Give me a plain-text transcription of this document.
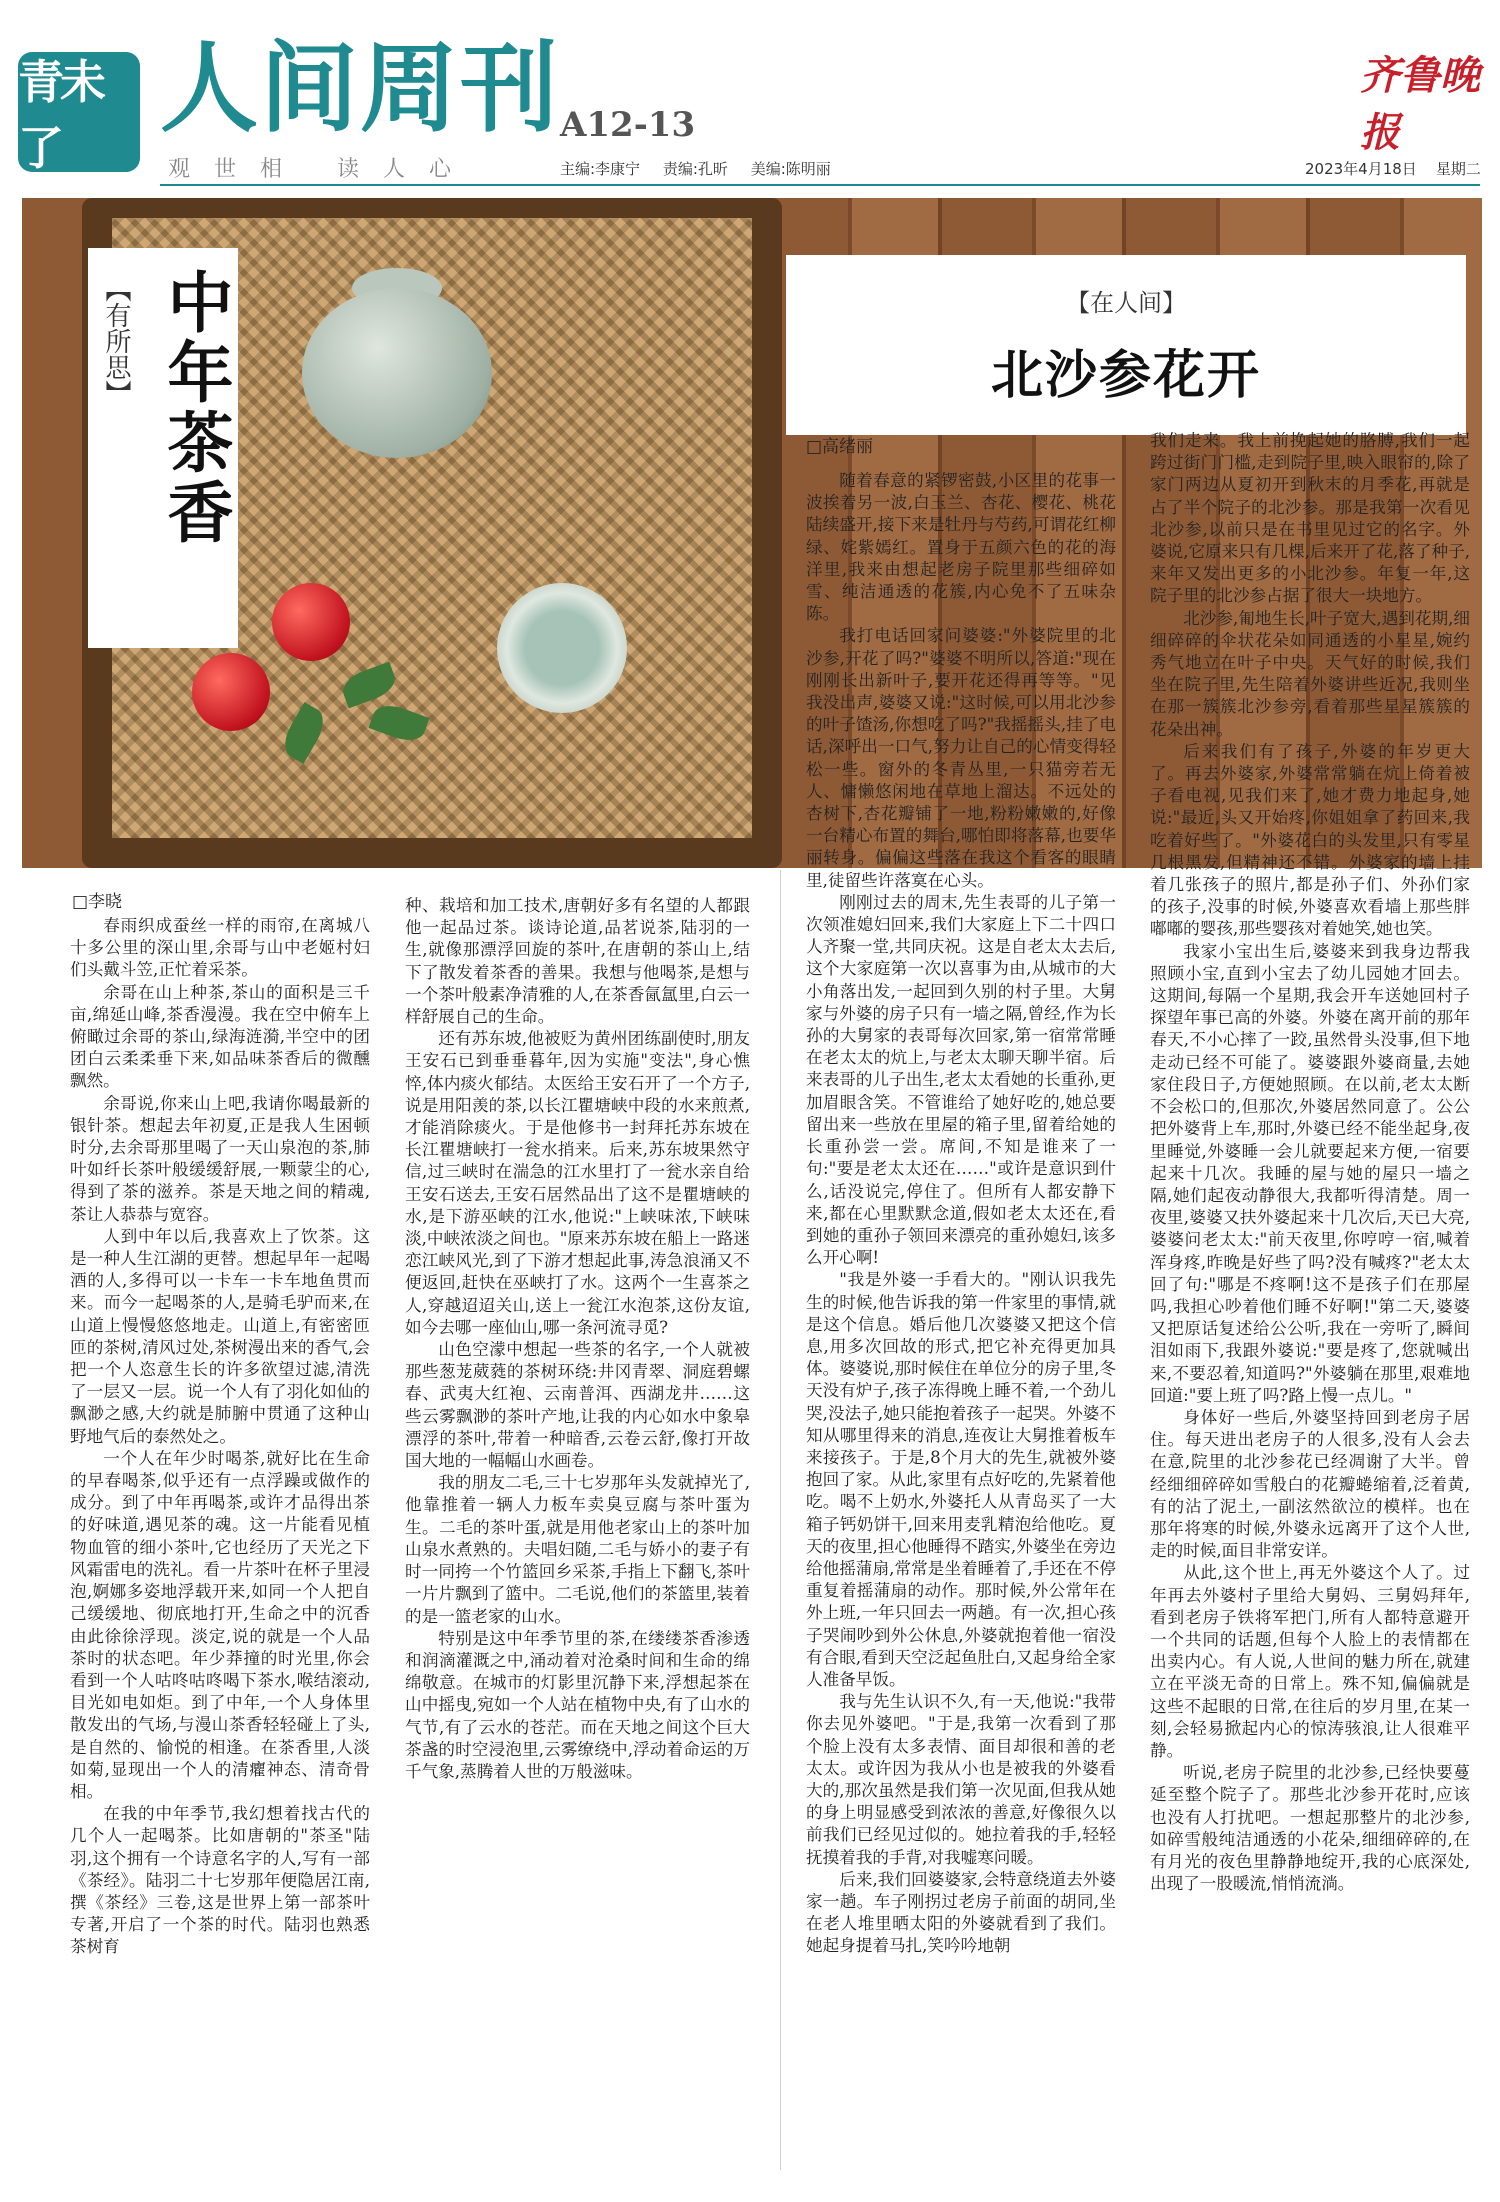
青未了
人间周刊 A12-13
齐鲁晚报
观世相 读人心	主编:李康宁 责编:孔昕 美编:陈明丽	2023年4月18日 星期二
【有所思】 中年茶香	【在人间】
北沙参花开
□李晓

春雨织成蚕丝一样的雨帘,在离城八十多公里的深山里,余哥与山中老姬村妇们头戴斗笠,正忙着采茶。

余哥在山上种茶,茶山的面积是三千亩,绵延山峰,茶香漫漫。我在空中俯车上俯瞰过余哥的茶山,绿海涟漪,半空中的团团白云柔柔垂下来,如品味茶香后的微醺飘然。

余哥说,你来山上吧,我请你喝最新的银针茶。想起去年初夏,正是我人生困顿时分,去余哥那里喝了一天山泉泡的茶,肺叶如纤长茶叶般缓缓舒展,一颗蒙尘的心,得到了茶的滋养。茶是天地之间的精魂,茶让人恭恭与宽容。

人到中年以后,我喜欢上了饮茶。这是一种人生江湖的更替。想起早年一起喝酒的人,多得可以一卡车一卡车地鱼贯而来。而今一起喝茶的人,是骑毛驴而来,在山道上慢慢悠悠地走。山道上,有密密匝匝的茶树,清风过处,茶树漫出来的香气,会把一个人恣意生长的许多欲望过滤,清洗了一层又一层。说一个人有了羽化如仙的飘渺之感,大约就是肺腑中贯通了这种山野地气后的泰然处之。

一个人在年少时喝茶,就好比在生命的早春喝茶,似乎还有一点浮躁或做作的成分。到了中年再喝茶,或许才品得出茶的好味道,遇见茶的魂。这一片能看见植物血管的细小茶叶,它也经历了天光之下风霜雷电的洗礼。看一片茶叶在杯子里浸泡,婀娜多姿地浮载开来,如同一个人把自己缓缓地、彻底地打开,生命之中的沉香由此徐徐浮现。淡定,说的就是一个人品茶时的状态吧。年少莽撞的时光里,你会看到一个人咕咚咕咚喝下茶水,喉结滚动,目光如电如炬。到了中年,一个人身体里散发出的气场,与漫山茶香轻轻碰上了头,是自然的、愉悦的相逢。在茶香里,人淡如菊,显现出一个人的清癯神态、清奇骨相。

在我的中年季节,我幻想着找古代的几个人一起喝茶。比如唐朝的"茶圣"陆羽,这个拥有一个诗意名字的人,写有一部《茶经》。陆羽二十七岁那年便隐居江南,撰《茶经》三卷,这是世界上第一部茶叶专著,开启了一个茶的时代。陆羽也熟悉茶树育

种、栽培和加工技术,唐朝好多有名望的人都跟他一起品过茶。谈诗论道,品茗说茶,陆羽的一生,就像那漂浮回旋的茶叶,在唐朝的茶山上,结下了散发着茶香的善果。我想与他喝茶,是想与一个茶叶般素净清雅的人,在茶香氤氲里,白云一样舒展自己的生命。

还有苏东坡,他被贬为黄州团练副使时,朋友王安石已到垂垂暮年,因为实施"变法",身心憔悴,体内痰火郁结。太医给王安石开了一个方子,说是用阳羡的茶,以长江瞿塘峡中段的水来煎煮,才能消除痰火。于是他修书一封拜托苏东坡在长江瞿塘峡打一瓮水捎来。后来,苏东坡果然守信,过三峡时在湍急的江水里打了一瓮水亲自给王安石送去,王安石居然品出了这不是瞿塘峡的水,是下游巫峡的江水,他说:"上峡味浓,下峡味淡,中峡浓淡之间也。"原来苏东坡在船上一路迷恋江峡风光,到了下游才想起此事,涛急浪涌又不便返回,赶快在巫峡打了水。这两个一生喜茶之人,穿越迢迢关山,送上一瓮江水泡茶,这份友谊,如今去哪一座仙山,哪一条河流寻觅?

山色空濛中想起一些茶的名字,一个人就被那些葱茏葳蕤的茶树环绕:井冈青翠、洞庭碧螺春、武夷大红袍、云南普洱、西湖龙井……这些云雾飘渺的茶叶产地,让我的内心如水中象皋漂浮的茶叶,带着一种暗香,云卷云舒,像打开故国大地的一幅幅山水画卷。

我的朋友二毛,三十七岁那年头发就掉光了,他靠推着一辆人力板车卖臭豆腐与茶叶蛋为生。二毛的茶叶蛋,就是用他老家山上的茶叶加山泉水煮熟的。夫唱妇随,二毛与娇小的妻子有时一同挎一个竹篮回乡采茶,手指上下翻飞,茶叶一片片飘到了篮中。二毛说,他们的茶篮里,装着的是一篮老家的山水。

特别是这中年季节里的茶,在缕缕茶香渗透和润滴灌溉之中,涌动着对沧桑时间和生命的绵绵敬意。在城市的灯影里沉静下来,浮想起茶在山中摇曳,宛如一个人站在植物中央,有了山水的气节,有了云水的苍茫。而在天地之间这个巨大茶盏的时空浸泡里,云雾缭绕中,浮动着命运的万千气象,蒸腾着人世的万般滋味。

□高绪丽

随着春意的紧锣密鼓,小区里的花事一波挨着另一波,白玉兰、杏花、樱花、桃花陆续盛开,接下来是牡丹与芍药,可谓花红柳绿、姹紫嫣红。置身于五颜六色的花的海洋里,我来由想起老房子院里那些细碎如雪、纯洁通透的花簇,内心免不了五味杂陈。

我打电话回家问婆婆:"外婆院里的北沙参,开花了吗?"婆婆不明所以,答道:"现在刚刚长出新叶子,要开花还得再等等。"见我没出声,婆婆又说:"这时候,可以用北沙参的叶子馇汤,你想吃了吗?"我摇摇头,挂了电话,深呼出一口气,努力让自己的心情变得轻松一些。窗外的冬青丛里,一只猫旁若无人、慵懒悠闲地在草地上溜达。不远处的杏树下,杏花瓣铺了一地,粉粉嫩嫩的,好像一台精心布置的舞台,哪怕即将落幕,也要华丽转身。偏偏这些落在我这个看客的眼睛里,徒留些许落寞在心头。

刚刚过去的周末,先生表哥的儿子第一次领准媳妇回来,我们大家庭上下二十四口人齐聚一堂,共同庆祝。这是自老太太去后,这个大家庭第一次以喜事为由,从城市的大小角落出发,一起回到久别的村子里。大舅家与外婆的房子只有一墙之隔,曾经,作为长孙的大舅家的表哥每次回家,第一宿常常睡在老太太的炕上,与老太太聊天聊半宿。后来表哥的儿子出生,老太太看她的长重孙,更加眉眼含笑。不管谁给了她好吃的,她总要留出来一些放在里屋的箱子里,留着给她的长重孙尝一尝。席间,不知是谁来了一句:"要是老太太还在……"或许是意识到什么,话没说完,停住了。但所有人都安静下来,都在心里默默念道,假如老太太还在,看到她的重孙子领回来漂亮的重孙媳妇,该多么开心啊!

"我是外婆一手看大的。"刚认识我先生的时候,他告诉我的第一件家里的事情,就是这个信息。婚后他几次婆婆又把这个信息,用多次回故的形式,把它补充得更加具体。婆婆说,那时候住在单位分的房子里,冬天没有炉子,孩子冻得晚上睡不着,一个劲儿哭,没法子,她只能抱着孩子一起哭。外婆不知从哪里得来的消息,连夜让大舅推着板车来接孩子。于是,8个月大的先生,就被外婆抱回了家。从此,家里有点好吃的,先紧着他吃。喝不上奶水,外婆托人从青岛买了一大箱子钙奶饼干,回来用麦乳精泡给他吃。夏天的夜里,担心他睡得不踏实,外婆坐在旁边给他摇蒲扇,常常是坐着睡着了,手还在不停重复着摇蒲扇的动作。那时候,外公常年在外上班,一年只回去一两趟。有一次,担心孩子哭闹吵到外公休息,外婆就抱着他一宿没有合眼,看到天空泛起鱼肚白,又起身给全家人准备早饭。

我与先生认识不久,有一天,他说:"我带你去见外婆吧。"于是,我第一次看到了那个脸上没有太多表情、面目却很和善的老太太。或许因为我从小也是被我的外婆看大的,那次虽然是我们第一次见面,但我从她的身上明显感受到浓浓的善意,好像很久以前我们已经见过似的。她拉着我的手,轻轻抚摸着我的手背,对我嘘寒问暖。

后来,我们回婆婆家,会特意绕道去外婆家一趟。车子刚拐过老房子前面的胡同,坐在老人堆里晒太阳的外婆就看到了我们。她起身提着马扎,笑吟吟地朝

我们走来。我上前挽起她的胳膊,我们一起跨过街门门槛,走到院子里,映入眼帘的,除了家门两边从夏初开到秋末的月季花,再就是占了半个院子的北沙参。那是我第一次看见北沙参,以前只是在书里见过它的名字。外婆说,它原来只有几棵,后来开了花,落了种子,来年又发出更多的小北沙参。年复一年,这院子里的北沙参占据了很大一块地方。

北沙参,匍地生长,叶子宽大,遇到花期,细细碎碎的伞状花朵如同通透的小星星,婉约秀气地立在叶子中央。天气好的时候,我们坐在院子里,先生陪着外婆讲些近况,我则坐在那一簇簇北沙参旁,看着那些星星簇簇的花朵出神。

后来我们有了孩子,外婆的年岁更大了。再去外婆家,外婆常常躺在炕上倚着被子看电视,见我们来了,她才费力地起身,她说:"最近,头又开始疼,你姐姐拿了药回来,我吃着好些了。"外婆花白的头发里,只有零星几根黑发,但精神还不错。外婆家的墙上挂着几张孩子的照片,都是孙子们、外孙们家的孩子,没事的时候,外婆喜欢看墙上那些胖嘟嘟的婴孩,那些婴孩对着她笑,她也笑。

我家小宝出生后,婆婆来到我身边帮我照顾小宝,直到小宝去了幼儿园她才回去。这期间,每隔一个星期,我会开车送她回村子探望年事已高的外婆。外婆在离开前的那年春天,不小心摔了一跤,虽然骨头没事,但下地走动已经不可能了。婆婆跟外婆商量,去她家住段日子,方便她照顾。在以前,老太太断不会松口的,但那次,外婆居然同意了。公公把外婆背上车,那时,外婆已经不能坐起身,夜里睡觉,外婆睡一会儿就要起来方便,一宿要起来十几次。我睡的屋与她的屋只一墙之隔,她们起夜动静很大,我都听得清楚。周一夜里,婆婆又扶外婆起来十几次后,天已大亮,婆婆问老太太:"前天夜里,你哼哼一宿,喊着浑身疼,昨晚是好些了吗?没有喊疼?"老太太回了句:"哪是不疼啊!这不是孩子们在那屋吗,我担心吵着他们睡不好啊!"第二天,婆婆又把原话复述给公公听,我在一旁听了,瞬间泪如雨下,我跟外婆说:"要是疼了,您就喊出来,不要忍着,知道吗?"外婆躺在那里,艰难地回道:"要上班了吗?路上慢一点儿。"

身体好一些后,外婆坚持回到老房子居住。每天进出老房子的人很多,没有人会去在意,院里的北沙参花已经凋谢了大半。曾经细细碎碎如雪般白的花瓣蜷缩着,泛着黄,有的沾了泥土,一副泫然欲泣的模样。也在那年将寒的时候,外婆永远离开了这个人世,走的时候,面目非常安详。

从此,这个世上,再无外婆这个人了。过年再去外婆村子里给大舅妈、三舅妈拜年,看到老房子铁将军把门,所有人都特意避开一个共同的话题,但每个人脸上的表情都在出卖内心。有人说,人世间的魅力所在,就建立在平淡无奇的日常上。殊不知,偏偏就是这些不起眼的日常,在往后的岁月里,在某一刻,会轻易掀起内心的惊涛骇浪,让人很难平静。

听说,老房子院里的北沙参,已经快要蔓延至整个院子了。那些北沙参开花时,应该也没有人打扰吧。一想起那整片的北沙参,如碎雪般纯洁通透的小花朵,细细碎碎的,在有月光的夜色里静静地绽开,我的心底深处,出现了一股暖流,悄悄流淌。
